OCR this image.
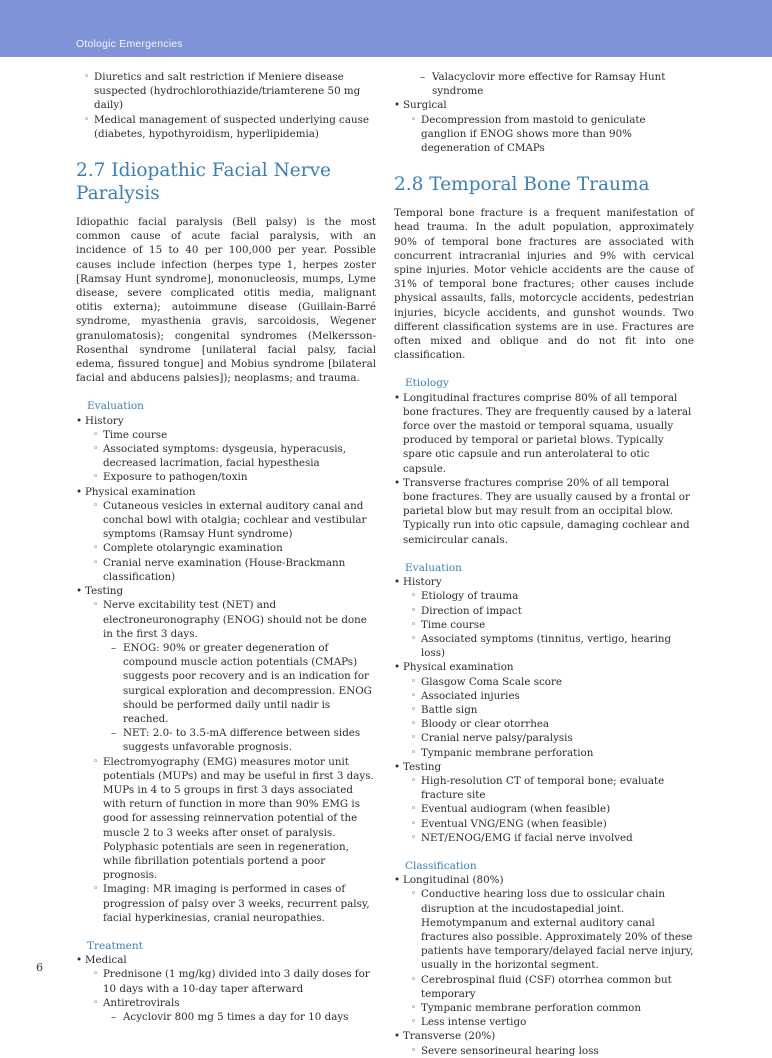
Otologic Emergencies
◦ Diuretics and salt restriction if Meniere disease suspected (hydrochlorothiazide/triamterene 50 mg daily)
◦ Medical management of suspected underlying cause (diabetes, hypothyroidism, hyperlipidemia)
2.7 Idiopathic Facial Nerve Paralysis

Idiopathic facial paralysis (Bell palsy) is the most common cause of acute facial paralysis, with an incidence of 15 to 40 per 100,000 per year. Possible causes include infection (herpes type 1, herpes zoster [Ramsay Hunt syndrome], mononucleosis, mumps, Lyme disease, severe complicated otitis media, malignant otitis externa); autoimmune disease (Guillain-Barré syndrome, myasthenia gravis, sarcoidosis, Wegener granulomatosis); congenital syndromes (Melkersson-Rosenthal syndrome [unilateral facial palsy, facial edema, fissured tongue] and Mobius syndrome [bilateral facial and abducens palsies]); neoplasms; and trauma.

Evaluation
• History
◦ Time course
◦ Associated symptoms: dysgeusia, hyperacusis, decreased lacrimation, facial hypesthesia
◦ Exposure to pathogen/toxin
• Physical examination
◦ Cutaneous vesicles in external auditory canal and conchal bowl with otalgia; cochlear and vestibular symptoms (Ramsay Hunt syndrome)
◦ Complete otolaryngic examination
◦ Cranial nerve examination (House-Brackmann classification)
• Testing
◦ Nerve excitability test (NET) and electroneuronography (ENOG) should not be done in the first 3 days.
– ENOG: 90% or greater degeneration of compound muscle action potentials (CMAPs) suggests poor recovery and is an indication for surgical exploration and decompression. ENOG should be performed daily until nadir is reached.
– NET: 2.0- to 3.5-mA difference between sides suggests unfavorable prognosis.
◦ Electromyography (EMG) measures motor unit potentials (MUPs) and may be useful in first 3 days. MUPs in 4 to 5 groups in first 3 days associated with return of function in more than 90% EMG is good for assessing reinnervation potential of the muscle 2 to 3 weeks after onset of paralysis. Polyphasic potentials are seen in regeneration, while fibrillation potentials portend a poor prognosis.
◦ Imaging: MR imaging is performed in cases of progression of palsy over 3 weeks, recurrent palsy, facial hyperkinesias, cranial neuropathies.
Treatment
• Medical
◦ Prednisone (1 mg/kg) divided into 3 daily doses for 10 days with a 10-day taper afterward
◦ Antiretrovirals
– Acyclovir 800 mg 5 times a day for 10 days
– Valacyclovir more effective for Ramsay Hunt syndrome
• Surgical
◦ Decompression from mastoid to geniculate ganglion if ENOG shows more than 90% degeneration of CMAPs
2.8 Temporal Bone Trauma

Temporal bone fracture is a frequent manifestation of head trauma. In the adult population, approximately 90% of temporal bone fractures are associated with concurrent intracranial injuries and 9% with cervical spine injuries. Motor vehicle accidents are the cause of 31% of temporal bone fractures; other causes include physical assaults, falls, motorcycle accidents, pedestrian injuries, bicycle accidents, and gunshot wounds. Two different classification systems are in use. Fractures are often mixed and oblique and do not fit into one classification.

Etiology
• Longitudinal fractures comprise 80% of all temporal bone fractures. They are frequently caused by a lateral force over the mastoid or temporal squama, usually produced by temporal or parietal blows. Typically spare otic capsule and run anterolateral to otic capsule.
• Transverse fractures comprise 20% of all temporal bone fractures. They are usually caused by a frontal or parietal blow but may result from an occipital blow. Typically run into otic capsule, damaging cochlear and semicircular canals.
Evaluation
• History
◦ Etiology of trauma
◦ Direction of impact
◦ Time course
◦ Associated symptoms (tinnitus, vertigo, hearing loss)
• Physical examination
◦ Glasgow Coma Scale score
◦ Associated injuries
◦ Battle sign
◦ Bloody or clear otorrhea
◦ Cranial nerve palsy/paralysis
◦ Tympanic membrane perforation
• Testing
◦ High-resolution CT of temporal bone; evaluate fracture site
◦ Eventual audiogram (when feasible)
◦ Eventual VNG/ENG (when feasible)
◦ NET/ENOG/EMG if facial nerve involved
Classification
• Longitudinal (80%)
◦ Conductive hearing loss due to ossicular chain disruption at the incudostapedial joint. Hemotympanum and external auditory canal fractures also possible. Approximately 20% of these patients have temporary/delayed facial nerve injury, usually in the horizontal segment.
◦ Cerebrospinal fluid (CSF) otorrhea common but temporary
◦ Tympanic membrane perforation common
◦ Less intense vertigo
• Transverse (20%)
◦ Severe sensorineural hearing loss
6
